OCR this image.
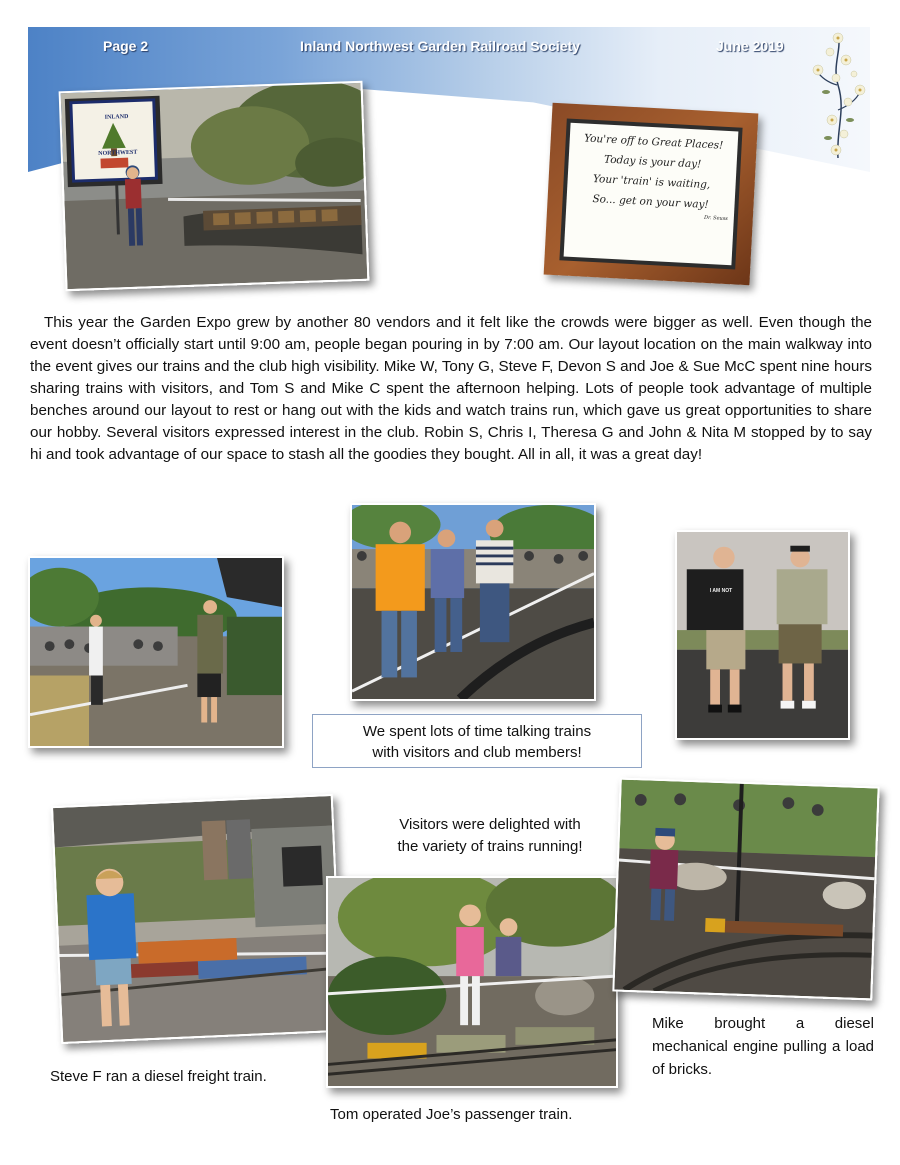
Page 2	Inland Northwest Garden Railroad Society	June 2019
INLAND
NORTHWEST
You're off to Great Places!
Today is your day!
Your 'train' is waiting,
So... get on your way!
Dr. Seuss

This year the Garden Expo grew by another 80 vendors and it felt like the crowds were bigger as well. Even though the event doesn’t officially start until 9:00 am, people began pouring in by 7:00 am. Our layout location on the main walkway into the event gives our trains and the club high visibility. Mike W, Tony G, Steve F, Devon S and Joe & Sue McC spent nine hours sharing trains with visitors, and Tom S and Mike C spent the afternoon helping. Lots of people took advantage of multiple benches around our layout to rest or hang out with the kids and watch trains run, which gave us great opportunities to share our hobby. Several visitors expressed interest in the club. Robin S, Chris I, Theresa G and John & Nita M stopped by to say hi and took advantage of our space to stash all the goodies they bought. All in all, it was a great day!

I AM NOT
We spent lots of time talking trains
with visitors and club members!
Visitors were delighted with
the variety of trains running!
Steve F ran a diesel freight train.
Tom operated Joe’s passenger train.
Mike brought a diesel mechanical engine pulling a load of bricks.
